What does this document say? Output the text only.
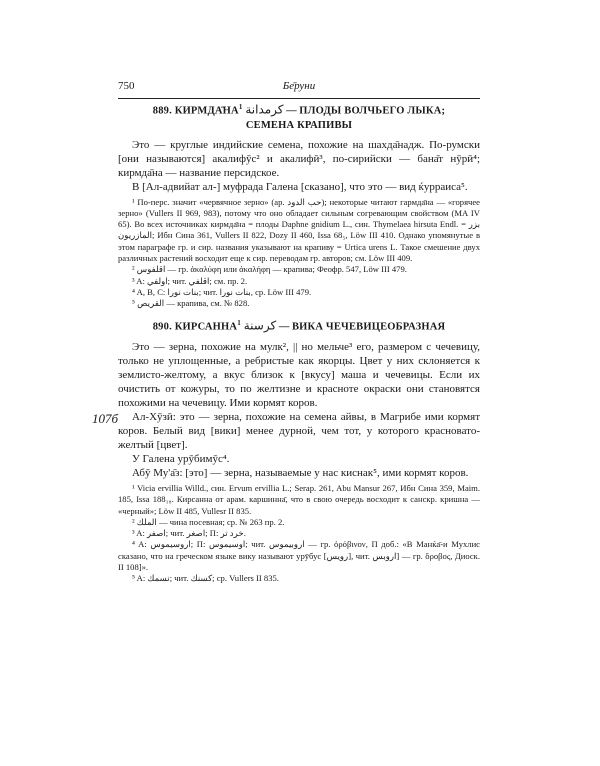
750	Бе̄руни
107б
889. $КИРМДА̄НА^1$ كرمدانة — ПЛОДЫ ВОЛЧЬЕГО ЛЫКА;
СЕМЕНА КРАПИВЫ

Это — круглые индийские семена, похожие на шахда̄надж. По-румски [они называются] акалифӯс² и акалифӣ³, по-сирийски — бана̄т нӯрӣ⁴; кирмда̄на — название персидское.

В [Ал-адвийат ал-] муфрада Галена [сказано], что это — вид ќурраиса⁵.

¹ По-перс. значит «червячное зерно» (ар. حب الدود); некоторые читают гармда̄на — «горячее зерно» (Vullers II 969, 983), потому что оно обладает сильным согревающим свойством (MA IV 65). Во всех источниках кирмда̄на = плоды Daphne gnidium L., син. Thymelaea hirsuta Endl. = بزر المازريون; Ибн Сина 361, Vullers II 822, Dozy II 460, Issa 68₅, Löw III 410. Однако упомянутые в этом параграфе гр. и сир. названия указывают на крапиву = Urtica urens L. Такое смешение двух различных растений восходит еще к сир. переводам гр. авторов; см. Löw III 409.

² اقلفوس — гр. ἀκαλύφη или ἀκαλήφη — крапива; Феофр. 547, Löw III 479.

³ A: اولفي; чит. اقلفي; см. пр. 2.

⁴ A, B, C: بنات نورا; чит. بنات نورا, ср. Löw III 479.

⁵ القريص — крапива, см. № 828.

890. КИРСАННА$^1$ كرسنة — ВИКА ЧЕЧЕВИЦЕОБРАЗНАЯ

Это — зерна, похожие на мулк², || но мельче³ его, размером с чечевицу, только не уплощенные, а ребристые как якорцы. Цвет у них склоняется к землисто-желтому, а вкус близок к [вкусу] маша и чечевицы. Если их очистить от кожуры, то по желтизне и красноте окраски они становятся похожими на чечевицу. Ими кормят коров.

Ал-Хӯзӣ: это — зерна, похожие на семена айвы, в Магрибе ими кормят коров. Белый вид [вики] менее дурной, чем тот, у которого красновато-желтый [цвет].

У Галена урӯбимӯс⁴.

Абӯ Му'а̄з: [это] — зерна, называемые у нас киснак⁵, ими кормят коров.

¹ Vicia ervillia Willd., син. Ervum ervillia L.; Serap. 261, Abu Mansur 267, Ибн Сина 359, Maim. 185, Issa 188₁₈. Кирсанна от арам. каршинна̄, что в свою очередь восходит к санскр. кришна — «черный»; Löw II 485, Vullesr II 835.

² الملك — чина посевная; ср. № 263 пр. 2.

³ A: اصفر; чит. اصغر; П: خرد تر.

⁴ A: اروسيموس; П: اوسيموس; чит. اروبيموس — гр. ὀρόβινον, П доб.: «В Манќа̄-и Мухлис сказано, что на греческом языке вику называют урӯбус [رويس], чит. اروبس] — гр. ὄροβος, Диоск. II 108]».

⁵ A: نسمك; чит. كسنك; ср. Vullers II 835.
